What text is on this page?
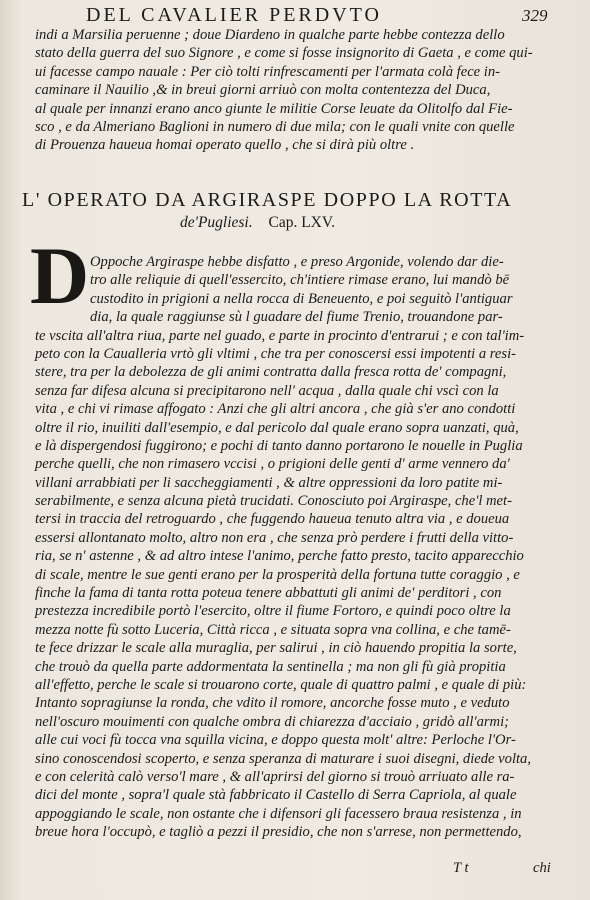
DEL CAVALIER PERDVTO	329
indi a Marsilia peruenne ; doue Diardeno in qualche parte hebbe contezza dello
stato della guerra del suo Signore , e come si fosse insignorito di Gaeta , e come qui-
ui facesse campo nauale : Per ciò tolti rinfrescamenti per l'armata colà fece in-
caminare il Nauilio ,& in breui giorni arriuò con molta contentezza del Duca,
al quale per innanzi erano anco giunte le militie Corse leuate da Olitolfo dal Fie-
sco , e da Almeriano Baglioni in numero di due mila; con le quali vnite con quelle
di Prouenza haueua homai operato quello , che si dirà più oltre .
L' OPERATO DA ARGIRASPE DOPPO LA ROTTA
de'Pugliesi. Cap. LXV.
D Oppoche Argiraspe hebbe disfatto , e preso Argonide, volendo dar die-
tro alle reliquie di quell'essercito, ch'intiere rimase erano, lui mandò bē
custodito in prigioni a nella rocca di Beneuento, e poi seguitò l'antiguar
dia, la quale raggiunse sù l guadare del fiume Trenio, trouandone par-
te vscita all'altra riua, parte nel guado, e parte in procinto d'entrarui ; e con tal'im-
peto con la Caualleria vrtò gli vltimi , che tra per conoscersi essi impotenti a resi-
stere, tra per la debolezza de gli animi contratta dalla fresca rotta de' compagni,
senza far difesa alcuna si precipitarono nell' acqua , dalla quale chi vscì con la
vita , e chi vi rimase affogato : Anzi che gli altri ancora , che già s'er ano condotti
oltre il rio, inuiliti dall'esempio, e dal pericolo dal quale erano sopra uanzati, quà,
e là dispergendosi fuggirono; e pochi di tanto danno portarono le nouelle in Puglia
perche quelli, che non rimasero vccisi , o prigioni delle genti d' arme vennero da'
villani arrabbiati per li saccheggiamenti , & altre oppressioni da loro patite mi-
serabilmente, e senza alcuna pietà trucidati. Conosciuto poi Argiraspe, che'l met-
tersi in traccia del retroguardo , che fuggendo haueua tenuto altra via , e doueua
essersi allontanato molto, altro non era , che senza prò perdere i frutti della vitto-
ria, se n' astenne , & ad altro intese l'animo, perche fatto presto, tacito apparecchio
di scale, mentre le sue genti erano per la prosperità della fortuna tutte coraggio , e
finche la fama di tanta rotta poteua tenere abbattuti gli animi de' perditori , con
prestezza incredibile portò l'esercito, oltre il fiume Fortoro, e quindi poco oltre la
mezza notte fù sotto Luceria, Città ricca , e situata sopra vna collina, e che tamē-
te fece drizzar le scale alla muraglia, per salirui , in ciò hauendo propitia la sorte,
che trouò da quella parte addormentata la sentinella ; ma non gli fù già propitia
all'effetto, perche le scale si trouarono corte, quale di quattro palmi , e quale di più:
Intanto sopragiunse la ronda, che vdito il romore, ancorche fosse muto , e veduto
nell'oscuro mouimenti con qualche ombra di chiarezza d'acciaio , gridò all'armi;
alle cui voci fù tocca vna squilla vicina, e doppo questa molt' altre: Perloche l'Or-
sino conoscendosi scoperto, e senza speranza di maturare i suoi disegni, diede volta,
e con celerità calò verso'l mare , & all'aprirsi del giorno si trouò arriuato alle ra-
dici del monte , sopra'l quale stà fabbricato il Castello di Serra Capriola, al quale
appoggiando le scale, non ostante che i difensori gli facessero braua resistenza , in
breue hora l'occupò, e tagliò a pezzi il presidio, che non s'arrese, non permettendo,
T t	chi
